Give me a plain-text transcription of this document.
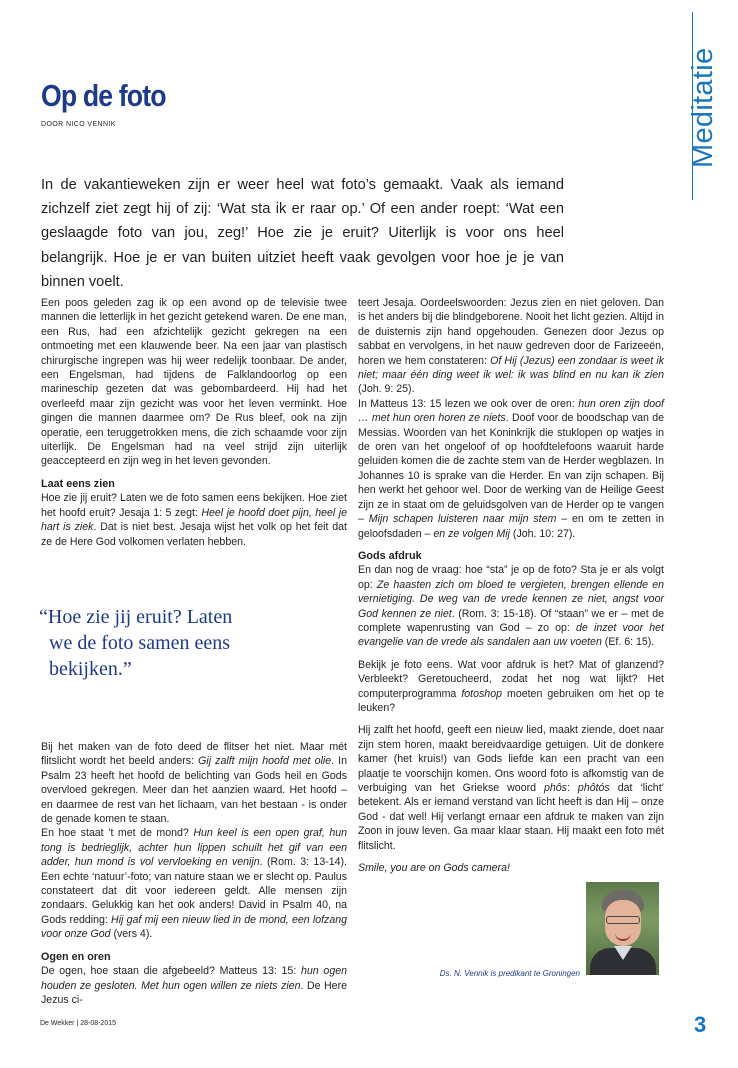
Meditatie
Op de foto
DOOR NICO VENNIK
In de vakantieweken zijn er weer heel wat foto’s gemaakt. Vaak als iemand zichzelf ziet zegt hij of zij: ‘Wat sta ik er raar op.’ Of een ander roept: ‘Wat een geslaagde foto van jou, zeg!’ Hoe zie je eruit? Uiterlijk is voor ons heel belangrijk. Hoe je er van buiten uitziet heeft vaak gevolgen voor hoe je je van binnen voelt.

Een poos geleden zag ik op een avond op de televisie twee mannen die letterlijk in het gezicht getekend waren. De ene man, een Rus, had een afzichtelijk gezicht gekregen na een ontmoeting met een klauwende beer. Na een jaar van plastisch chirurgische ingrepen was hij weer redelijk toonbaar. De ander, een Engelsman, had tijdens de Falklandoorlog op een marineschip gezeten dat was gebombardeerd. Hij had het overleefd maar zijn gezicht was voor het leven verminkt. Hoe gingen die mannen daarmee om? De Rus bleef, ook na zijn operatie, een teruggetrokken mens, die zich schaamde voor zijn uiterlijk. De Engelsman had na veel strijd zijn uiterlijk geaccepteerd en zijn weg in het leven gevonden.

Laat eens zien

Hoe zie jij eruit? Laten we de foto samen eens bekijken. Hoe ziet het hoofd eruit? Jesaja 1: 5 zegt: Heel je hoofd doet pijn, heel je hart is ziek. Dat is niet best. Jesaja wijst het volk op het feit dat ze de Here God volkomen verlaten hebben.

“Hoe zie jij eruit? Laten
we de foto samen eens
bekijken.”

Bij het maken van de foto deed de flitser het niet. Maar mét flitslicht wordt het beeld anders: Gij zalft mijn hoofd met olie. In Psalm 23 heeft het hoofd de belichting van Gods heil en Gods overvloed gekregen. Meer dan het aanzien waard. Het hoofd – en daarmee de rest van het lichaam, van het bestaan - is onder de genade komen te staan.

En hoe staat ’t met de mond? Hun keel is een open graf, hun tong is bedrieglijk, achter hun lippen schuilt het gif van een adder, hun mond is vol vervloeking en venijn. (Rom. 3: 13-14). Een echte ‘natuur’-foto; van nature staan we er slecht op. Paulus constateert dat dit voor iedereen geldt. Alle mensen zijn zondaars. Gelukkig kan het ook anders! David in Psalm 40, na Gods redding: Hij gaf mij een nieuw lied in de mond, een lofzang voor onze God (vers 4).

Ogen en oren

De ogen, hoe staan die afgebeeld? Matteus 13: 15: hun ogen houden ze gesloten. Met hun ogen willen ze niets zien. De Here Jezus ci-

teert Jesaja. Oordeelswoorden: Jezus zien en niet geloven. Dan is het anders bij die blindgeborene. Nooit het licht gezien. Altijd in de duisternis zijn hand opgehouden. Genezen door Jezus op sabbat en vervolgens, in het nauw gedreven door de Farizeeën, horen we hem constateren: Of Hij (Jezus) een zondaar is weet ik niet; maar één ding weet ik wel: ik was blind en nu kan ik zien (Joh. 9: 25).

In Matteus 13: 15 lezen we ook over de oren: hun oren zijn doof … met hun oren horen ze niets. Doof voor de boodschap van de Messias. Woorden van het Koninkrijk die stuklopen op watjes in de oren van het ongeloof of op hoofdtelefoons waaruit harde geluiden komen die de zachte stem van de Herder wegblazen. In Johannes 10 is sprake van die Herder. En van zijn schapen. Bij hen werkt het gehoor wel. Door de werking van de Heilige Geest zijn ze in staat om de geluidsgolven van de Herder op te vangen – Mijn schapen luisteren naar mijn stem – en om te zetten in geloofsdaden – en ze volgen Mij (Joh. 10: 27).

Gods afdruk

En dan nog de vraag: hoe “sta” je op de foto? Sta je er als volgt op: Ze haasten zich om bloed te vergieten, brengen ellende en vernietiging. De weg van de vrede kennen ze niet, angst voor God kennen ze niet. (Rom. 3: 15-18). Of “staan” we er – met de complete wapenrusting van God – zo op: de inzet voor het evangelie van de vrede als sandalen aan uw voeten (Ef. 6: 15).

Bekijk je foto eens. Wat voor afdruk is het? Mat of glanzend? Verbleekt? Geretoucheerd, zodat het nog wat lijkt? Het computerprogramma fotoshop moeten gebruiken om het op te leuken?

Hij zalft het hoofd, geeft een nieuw lied, maakt ziende, doet naar zijn stem horen, maakt bereidvaardige getuigen. Uit de donkere kamer (het kruis!) van Gods liefde kan een pracht van een plaatje te voorschijn komen. Ons woord foto is afkomstig van de verbuiging van het Griekse woord phôs: phôtós dat ‘licht’ betekent. Als er iemand verstand van licht heeft is dan Hij – onze God - dat wel! Hij verlangt ernaar een afdruk te maken van zijn Zoon in jouw leven. Ga maar klaar staan. Hij maakt een foto mét flitslicht.

Smile, you are on Gods camera!

Ds. N. Vennik is predikant te Groningen
De Wekker | 28-08-2015	3
